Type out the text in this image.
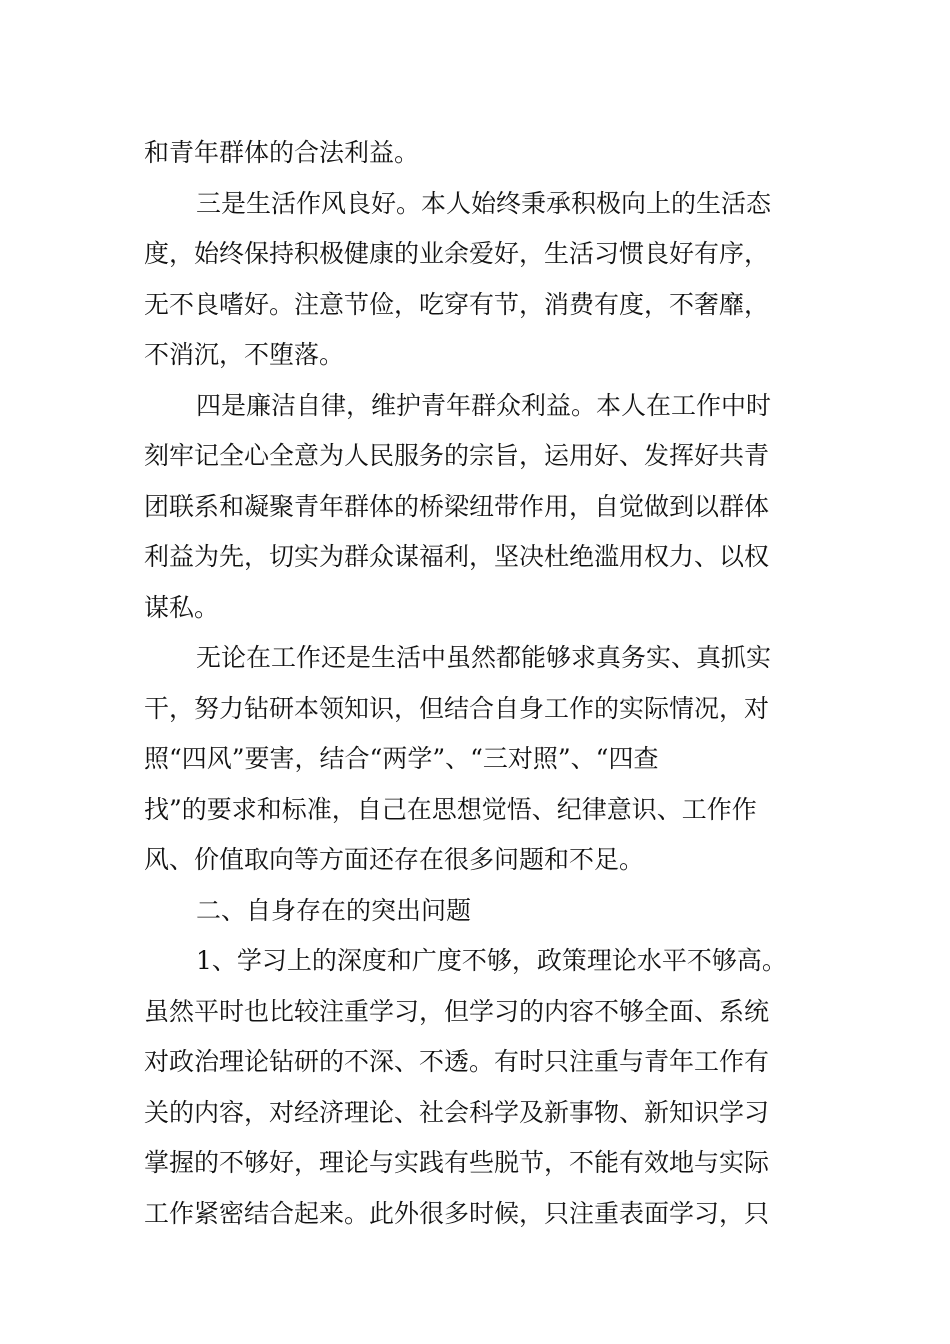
和青年群体的合法利益。
三是生活作风良好。本人始终秉承积极向上的生活态
度，始终保持积极健康的业余爱好，生活习惯良好有序，
无不良嗜好。注意节俭，吃穿有节，消费有度，不奢靡，
不消沉，不堕落。
四是廉洁自律，维护青年群众利益。本人在工作中时
刻牢记全心全意为人民服务的宗旨，运用好、发挥好共青
团联系和凝聚青年群体的桥梁纽带作用，自觉做到以群体
利益为先，切实为群众谋福利，坚决杜绝滥用权力、以权
谋私。
无论在工作还是生活中虽然都能够求真务实、真抓实
干，努力钻研本领知识，但结合自身工作的实际情况，对
照“四风”要害，结合“两学”、“三对照”、“四查
找”的要求和标准，自己在思想觉悟、纪律意识、工作作
风、价值取向等方面还存在很多问题和不足。
二、自身存在的突出问题
1、学习上的深度和广度不够，政策理论水平不够高。
虽然平时也比较注重学习，但学习的内容不够全面、系统
对政治理论钻研的不深、不透。有时只注重与青年工作有
关的内容，对经济理论、社会科学及新事物、新知识学习
掌握的不够好，理论与实践有些脱节，不能有效地与实际
工作紧密结合起来。此外很多时候，只注重表面学习，只
